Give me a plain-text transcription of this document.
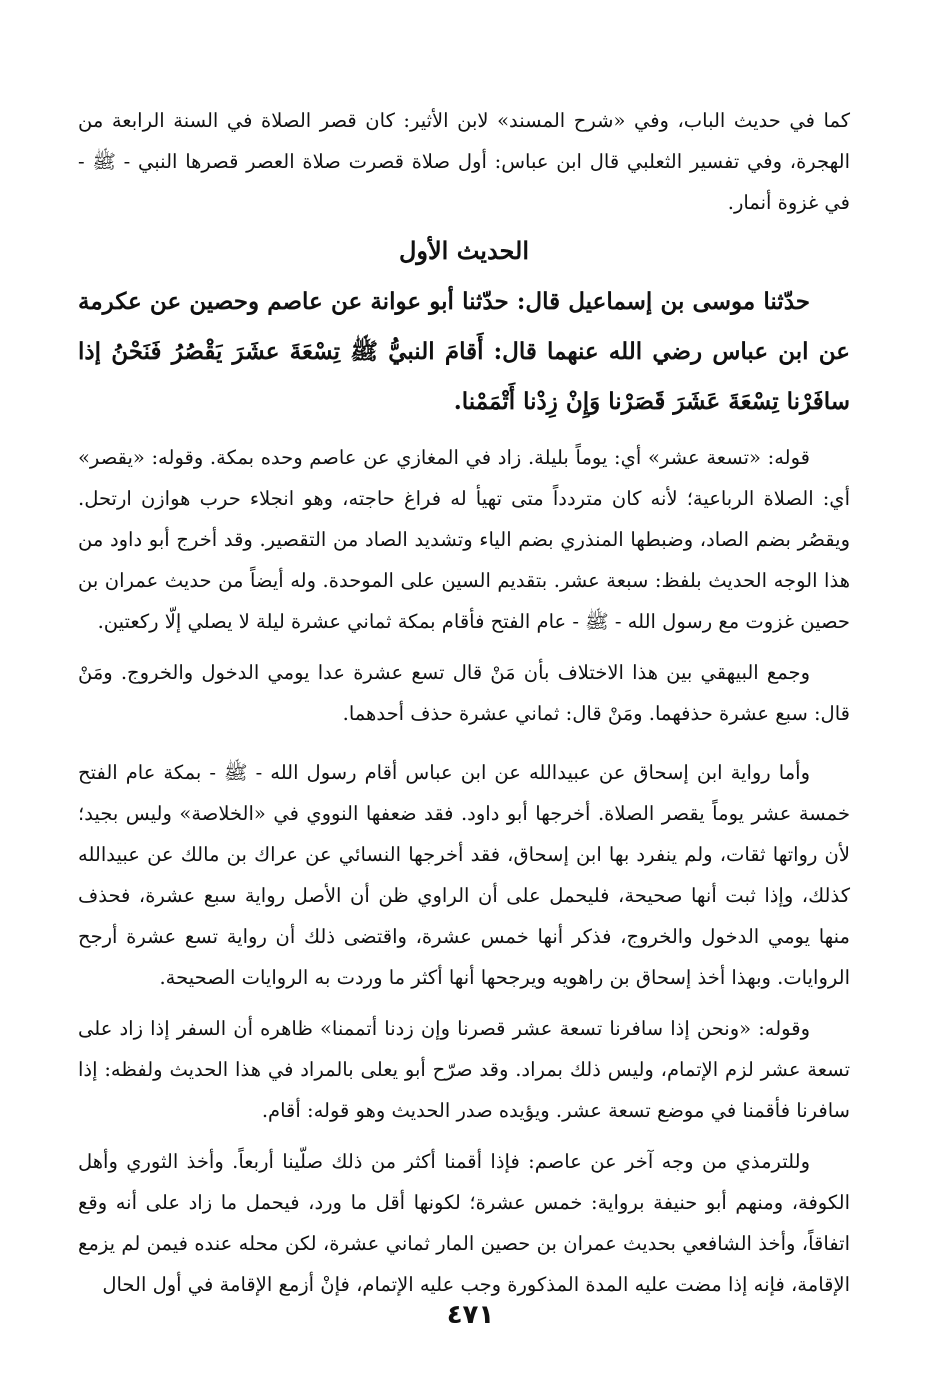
كما في حديث الباب، وفي «شرح المسند» لابن الأثير: كان قصر الصلاة في السنة الرابعة من الهجرة، وفي تفسير الثعلبي قال ابن عباس: أول صلاة قصرت صلاة العصر قصرها النبي - ﷺ - في غزوة أنمار.

الحديث الأول

حدّثنا موسى بن إسماعيل قال: حدّثنا أبو عوانة عن عاصم وحصين عن عكرمة عن ابن عباس رضي الله عنهما قال: أَقامَ النبيُّ ﷺ تِسْعَةَ عشَرَ يَقْصُرُ فَنَحْنُ إذا سافَرْنا تِسْعَةَ عَشَرَ قَصَرْنا وَإِنْ زِدْنا أَتْمَمْنا.

قوله: «تسعة عشر» أي: يوماً بليلة. زاد في المغازي عن عاصم وحده بمكة. وقوله: «يقصر» أي: الصلاة الرباعية؛ لأنه كان متردداً متى تهيأ له فراغ حاجته، وهو انجلاء حرب هوازن ارتحل. ويقصُر بضم الصاد، وضبطها المنذري بضم الياء وتشديد الصاد من التقصير. وقد أخرج أبو داود من هذا الوجه الحديث بلفظ: سبعة عشر. بتقديم السين على الموحدة. وله أيضاً من حديث عمران بن حصين غزوت مع رسول الله - ﷺ - عام الفتح فأقام بمكة ثماني عشرة ليلة لا يصلي إلّا ركعتين.

وجمع البيهقي بين هذا الاختلاف بأن مَنْ قال تسع عشرة عدا يومي الدخول والخروج. ومَنْ قال: سبع عشرة حذفهما. ومَنْ قال: ثماني عشرة حذف أحدهما.

وأما رواية ابن إسحاق عن عبيدالله عن ابن عباس أقام رسول الله - ﷺ - بمكة عام الفتح خمسة عشر يوماً يقصر الصلاة. أخرجها أبو داود. فقد ضعفها النووي في «الخلاصة» وليس بجيد؛ لأن رواتها ثقات، ولم ينفرد بها ابن إسحاق، فقد أخرجها النسائي عن عراك بن مالك عن عبيدالله كذلك، وإذا ثبت أنها صحيحة، فليحمل على أن الراوي ظن أن الأصل رواية سبع عشرة، فحذف منها يومي الدخول والخروج، فذكر أنها خمس عشرة، واقتضى ذلك أن رواية تسع عشرة أرجح الروايات. وبهذا أخذ إسحاق بن راهويه ويرجحها أنها أكثر ما وردت به الروايات الصحيحة.

وقوله: «ونحن إذا سافرنا تسعة عشر قصرنا وإن زدنا أتممنا» ظاهره أن السفر إذا زاد على تسعة عشر لزم الإتمام، وليس ذلك بمراد. وقد صرّح أبو يعلى بالمراد في هذا الحديث ولفظه: إذا سافرنا فأقمنا في موضع تسعة عشر. ويؤيده صدر الحديث وهو قوله: أقام.

وللترمذي من وجه آخر عن عاصم: فإذا أقمنا أكثر من ذلك صلّينا أربعاً. وأخذ الثوري وأهل الكوفة، ومنهم أبو حنيفة برواية: خمس عشرة؛ لكونها أقل ما ورد، فيحمل ما زاد على أنه وقع اتفاقاً، وأخذ الشافعي بحديث عمران بن حصين المار ثماني عشرة، لكن محله عنده فيمن لم يزمع الإقامة، فإنه إذا مضت عليه المدة المذكورة وجب عليه الإتمام، فإنْ أزمع الإقامة في أول الحال

٤٧١
